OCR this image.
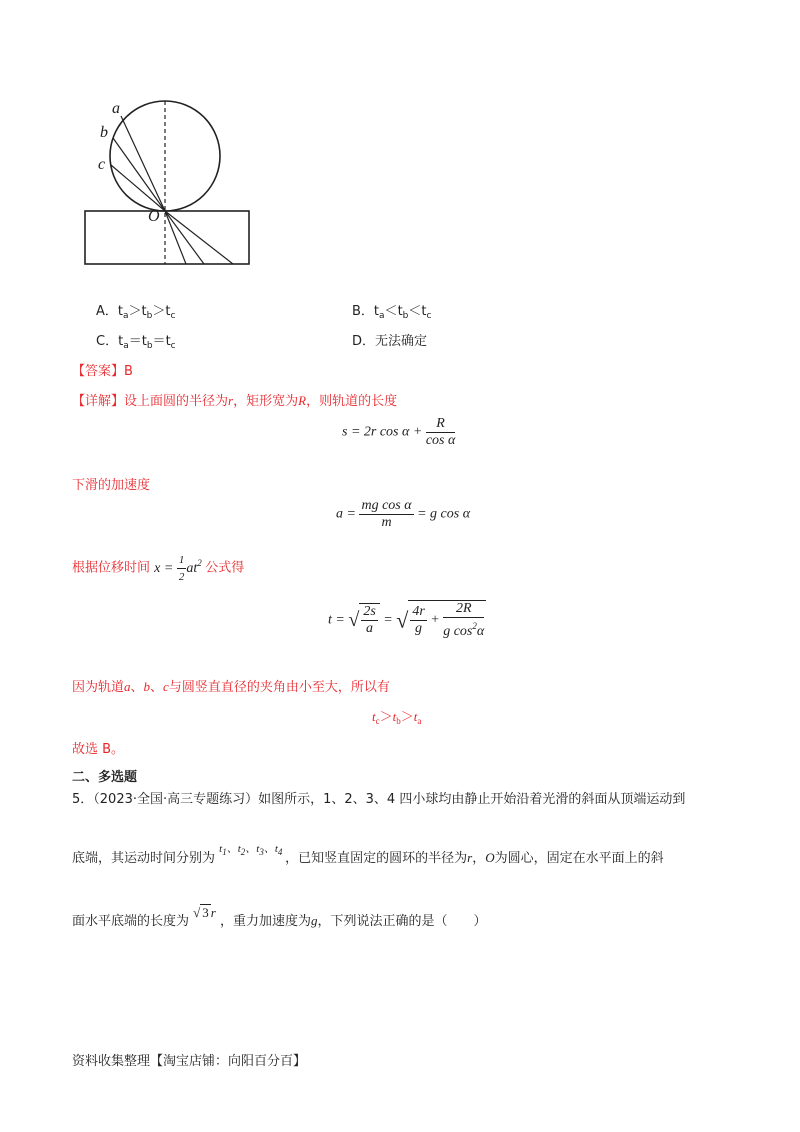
a
b
c
O
A．$t_a>t_b>t_c$	B．$t_a<t_b<t_c$
C．$t_a=t_b=t_c$	D．无法确定
【答案】B
【详解】设上面圆的半径为r，矩形宽为R，则轨道的长度
s = 2r $\cos \alpha + \frac{R}{\text{cos α}}$
下滑的加速度
$a = \frac{\text{mg cos α}}{m} = g$ cos α
根据位移时间 $x = \frac{1}{2} at^2$ 公式得
t = √ $\frac{2s}{a}$ = √ $\frac{4r}{g} + \frac{2R}{g \cos^2\alpha}$
因为轨道a、b、c与圆竖直直径的夹角由小至大，所以有
$t_c>t_b>t_a$
故选 B。
二、多选题
5．（2023·全国·高三专题练习）如图所示，1、2、3、4 四小球均由静止开始沿着光滑的斜面从顶端运动到
底端，其运动时间分别为 $^{t_1、t_2、t_3、t_4}$ ，已知竖直固定的圆环的半径为r，O为圆心，固定在水平面上的斜
面水平底端的长度为 √ 3 r ，重力加速度为g，下列说法正确的是（　　）
资料收集整理【淘宝店铺：向阳百分百】
